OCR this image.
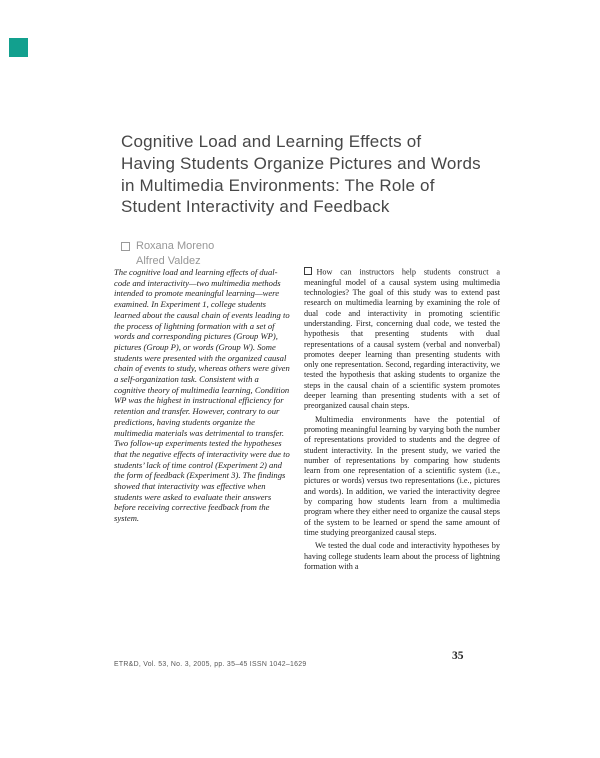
Cognitive Load and Learning Effects of
Having Students Organize Pictures and Words
in Multimedia Environments: The Role of
Student Interactivity and Feedback
Roxana Moreno
Alfred Valdez
The cognitive load and learning effects of dual-code and interactivity—two multimedia methods intended to promote meaningful learning—were examined. In Experiment 1, college students learned about the causal chain of events leading to the process of lightning formation with a set of words and corresponding pictures (Group WP), pictures (Group P), or words (Group W). Some students were presented with the organized causal chain of events to study, whereas others were given a self-organization task. Consistent with a cognitive theory of multimedia learning, Condition WP was the highest in instructional efficiency for retention and transfer. However, contrary to our predictions, having students organize the multimedia materials was detrimental to transfer. Two follow-up experiments tested the hypotheses that the negative effects of interactivity were due to students’ lack of time control (Experiment 2) and the form of feedback (Experiment 3). The findings showed that interactivity was effective when students were asked to evaluate their answers before receiving corrective feedback from the system.

How can instructors help students construct a meaningful model of a causal system using multimedia technologies? The goal of this study was to extend past research on multimedia learning by examining the role of dual code and interactivity in promoting scientific understanding. First, concerning dual code, we tested the hypothesis that presenting students with dual representations of a causal system (verbal and nonverbal) promotes deeper learning than presenting students with only one representation. Second, regarding interactivity, we tested the hypothesis that asking students to organize the steps in the causal chain of a scientific system promotes deeper learning than presenting students with a set of preorganized causal chain steps.

Multimedia environments have the potential of promoting meaningful learning by varying both the number of representations provided to students and the degree of student interactivity. In the present study, we varied the number of representations by comparing how students learn from one representation of a scientific system (i.e., pictures or words) versus two representations (i.e., pictures and words). In addition, we varied the interactivity degree by comparing how students learn from a multimedia program where they either need to organize the causal steps of the system to be learned or spend the same amount of time studying preorganized causal steps.

We tested the dual code and interactivity hypotheses by having college students learn about the process of lightning formation with a

ETR&D, Vol. 53, No. 3, 2005, pp. 35–45 ISSN 1042–1629
35
